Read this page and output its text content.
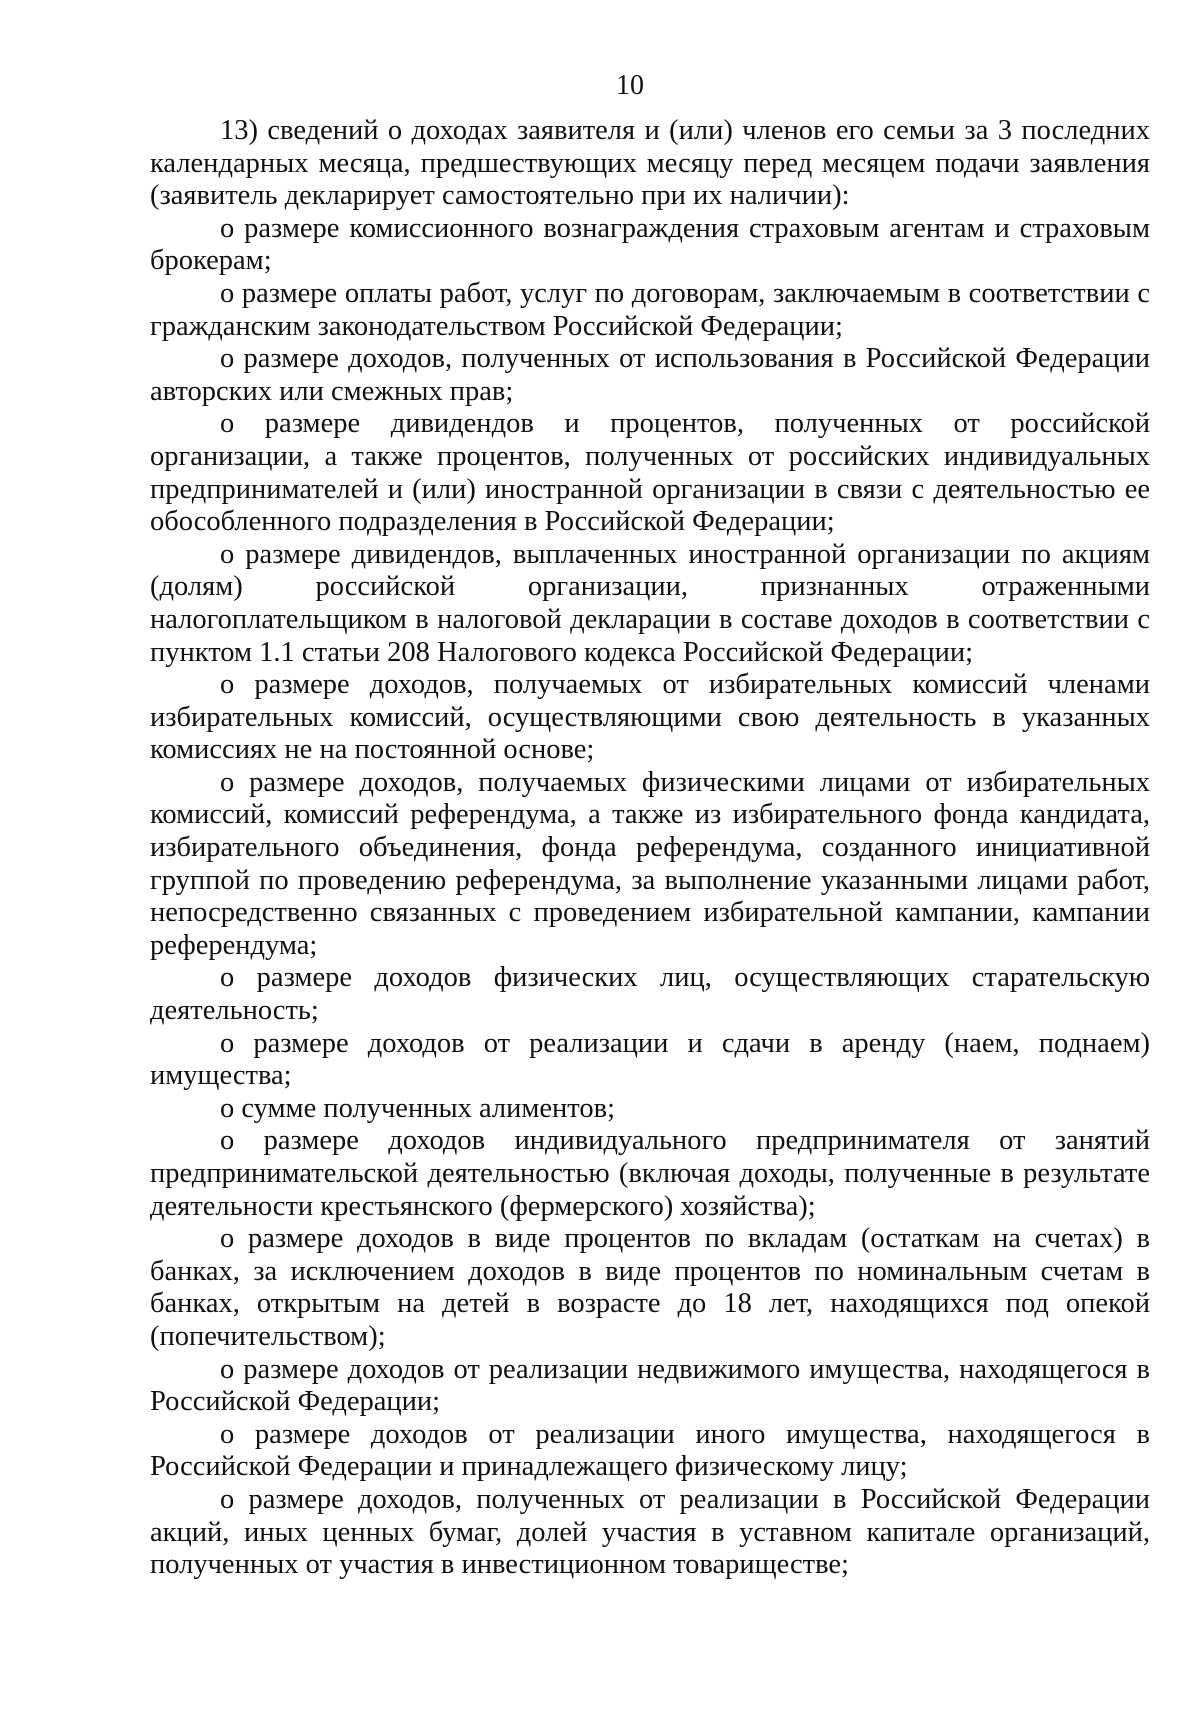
10

13) сведений о доходах заявителя и (или) членов его семьи за 3 последних календарных месяца, предшествующих месяцу перед месяцем подачи заявления (заявитель декларирует самостоятельно при их наличии):

о размере комиссионного вознаграждения страховым агентам и страховым брокерам;

о размере оплаты работ, услуг по договорам, заключаемым в соответствии с гражданским законодательством Российской Федерации;

о размере доходов, полученных от использования в Российской Федерации авторских или смежных прав;

о размере дивидендов и процентов, полученных от российской организации, а также процентов, полученных от российских индивидуальных предпринимателей и (или) иностранной организации в связи с деятельностью ее обособленного подразделения в Российской Федерации;

о размере дивидендов, выплаченных иностранной организации по акциям (долям) российской организации, признанных отраженными налогоплательщиком в налоговой декларации в составе доходов в соответствии с пунктом 1.1 статьи 208 Налогового кодекса Российской Федерации;

о размере доходов, получаемых от избирательных комиссий членами избирательных комиссий, осуществляющими свою деятельность в указанных комиссиях не на постоянной основе;

о размере доходов, получаемых физическими лицами от избирательных комиссий, комиссий референдума, а также из избирательного фонда кандидата, избирательного объединения, фонда референдума, созданного инициативной группой по проведению референдума, за выполнение указанными лицами работ, непосредственно связанных с проведением избирательной кампании, кампании референдума;

о размере доходов физических лиц, осуществляющих старательскую деятельность;

о размере доходов от реализации и сдачи в аренду (наем, поднаем) имущества;

о сумме полученных алиментов;

о размере доходов индивидуального предпринимателя от занятий предпринимательской деятельностью (включая доходы, полученные в результате деятельности крестьянского (фермерского) хозяйства);

о размере доходов в виде процентов по вкладам (остаткам на счетах) в банках, за исключением доходов в виде процентов по номинальным счетам в банках, открытым на детей в возрасте до 18 лет, находящихся под опекой (попечительством);

о размере доходов от реализации недвижимого имущества, находящегося в Российской Федерации;

о размере доходов от реализации иного имущества, находящегося в Российской Федерации и принадлежащего физическому лицу;

о размере доходов, полученных от реализации в Российской Федерации акций, иных ценных бумаг, долей участия в уставном капитале организаций, полученных от участия в инвестиционном товариществе;
